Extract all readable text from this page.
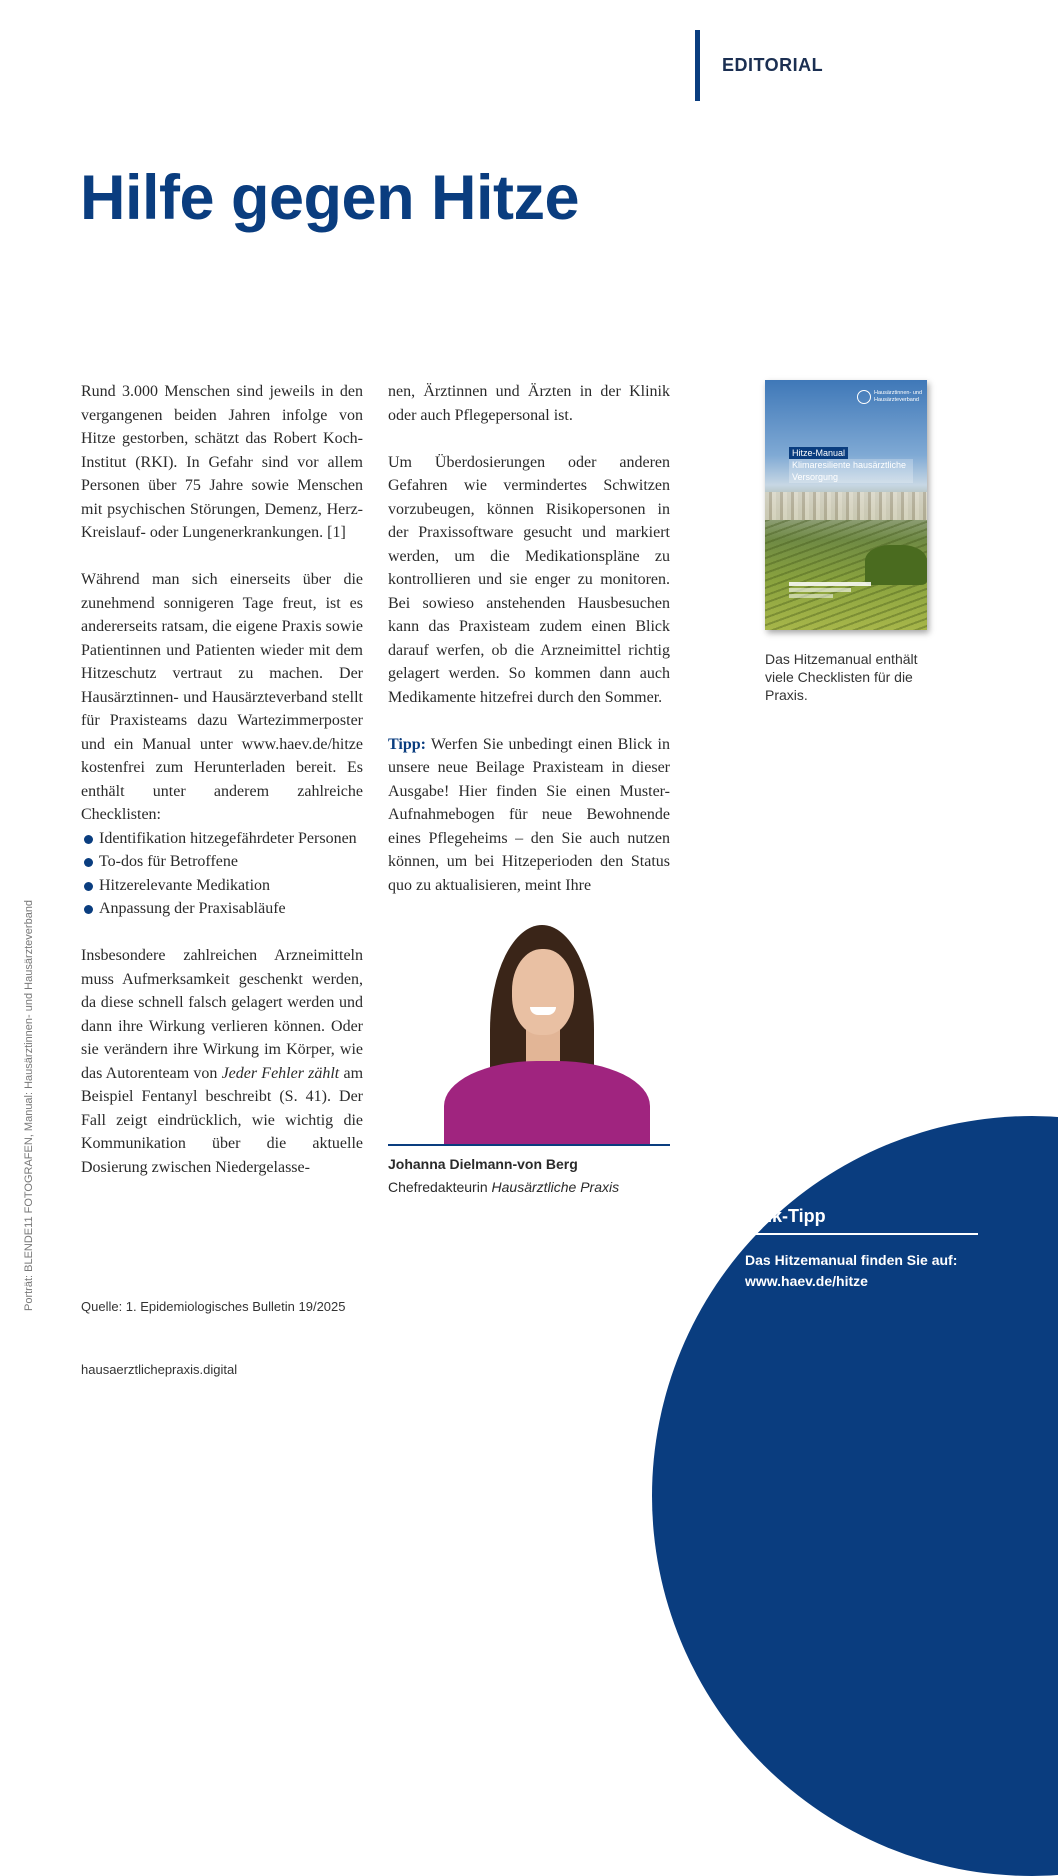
EDITORIAL
Hilfe gegen Hitze

Rund 3.000 Menschen sind jeweils in den vergangenen beiden Jahren infolge von Hitze gestorben, schätzt das Robert Koch-Institut (RKI). In Gefahr sind vor allem Personen über 75 Jahre sowie Menschen mit psychischen Störungen, Demenz, Herz-Kreislauf- oder Lungenerkrankungen. [1]

Während man sich einerseits über die zunehmend sonnigeren Tage freut, ist es andererseits ratsam, die eigene Praxis sowie Patientinnen und Patienten wieder mit dem Hitzeschutz vertraut zu machen. Der Hausärztinnen- und Hausärzteverband stellt für Praxisteams dazu Wartezimmerposter und ein Manual unter www.haev.de/hitze kostenfrei zum Herunterladen bereit. Es enthält unter anderem zahlreiche Checklisten:

Identifikation hitzegefährdeter Personen
To-dos für Betroffene
Hitzerelevante Medikation
Anpassung der Praxisabläufe

Insbesondere zahlreichen Arzneimitteln muss Aufmerksamkeit geschenkt werden, da diese schnell falsch gelagert werden und dann ihre Wirkung verlieren können. Oder sie verändern ihre Wirkung im Körper, wie das Autorenteam von Jeder Fehler zählt am Beispiel Fentanyl beschreibt (S. 41). Der Fall zeigt eindrücklich, wie wichtig die Kommunikation über die aktuelle Dosierung zwischen Niedergelasse-

nen, Ärztinnen und Ärzten in der Klinik oder auch Pflegepersonal ist.

Um Überdosierungen oder anderen Gefahren wie vermindertes Schwitzen vorzubeugen, können Risikopersonen in der Praxissoftware gesucht und markiert werden, um die Medikationspläne zu kontrollieren und sie enger zu monitoren. Bei sowieso anstehenden Hausbesuchen kann das Praxisteam zudem einen Blick darauf werfen, ob die Arzneimittel richtig gelagert werden. So kommen dann auch Medikamente hitzefrei durch den Sommer.

Tipp: Werfen Sie unbedingt einen Blick in unsere neue Beilage Praxisteam in dieser Ausgabe! Hier finden Sie einen Muster-Aufnahmebogen für neue Bewohnende eines Pflegeheims – den Sie auch nutzen können, um bei Hitzeperioden den Status quo zu aktualisieren, meint Ihre

Hausärztinnen- und Hausärzteverband
Hitze-Manual
Klimaresiliente hausärztliche Versorgung
Das Hitzemanual enthält viele Checklisten für die Praxis.
Johanna Dielmann-von Berg
Chefredakteurin Hausärztliche Praxis
Link-Tipp
Das Hitzemanual finden Sie auf:
www.haev.de/hitze
Porträt: BLENDE11 FOTOGRAFEN, Manual: Hausärztinnen- und Hausärzteverband	Quelle: 1. Epidemiologisches Bulletin 19/2025
hausaerztlichepraxis.digital
